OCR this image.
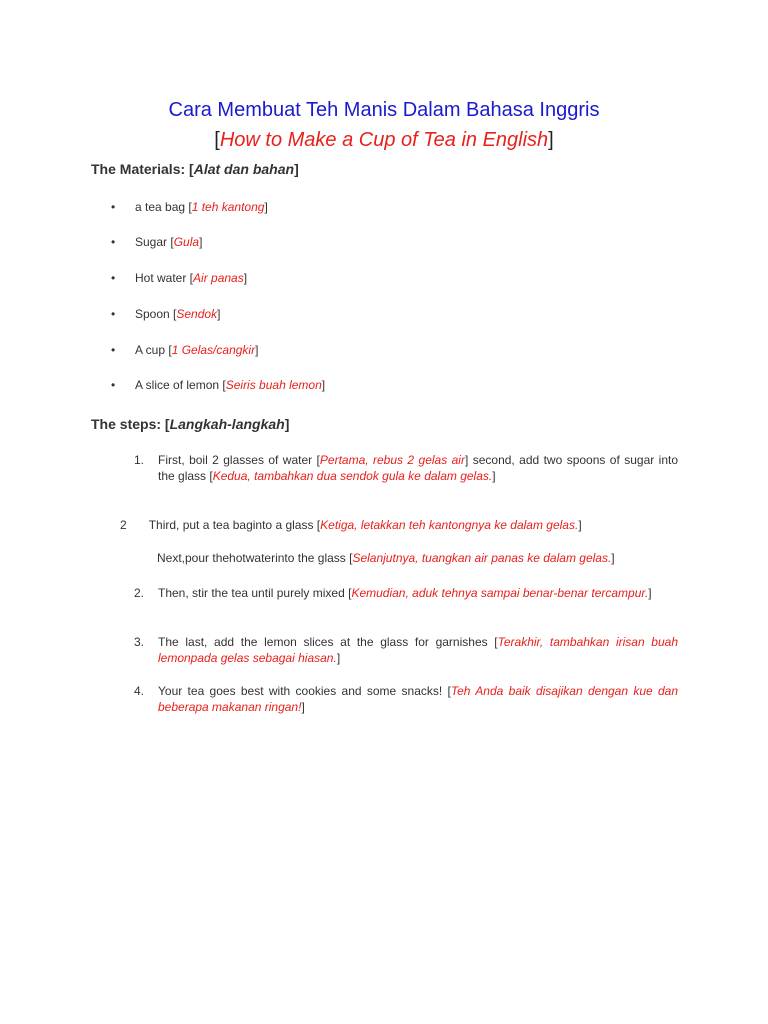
Cara Membuat Teh Manis Dalam Bahasa Inggris
[How to Make a Cup of Tea in English]
The Materials: [Alat dan bahan]
• a tea bag [1 teh kantong]
• Sugar [Gula]
• Hot water [Air panas]
• Spoon [Sendok]
• A cup [1 Gelas/cangkir]
• A slice of lemon [Seiris buah lemon]
The steps: [Langkah-langkah]
1. First, boil 2 glasses of water [Pertama, rebus 2 gelas air] second, add two spoons of sugar into the glass [Kedua, tambahkan dua sendok gula ke dalam gelas.]
2 Third, put a tea baginto a glass [Ketiga, letakkan teh kantongnya ke dalam gelas.]
Next,pour thehotwaterinto the glass [Selanjutnya, tuangkan air panas ke dalam gelas.]
2. Then, stir the tea until purely mixed [Kemudian, aduk tehnya sampai benar-benar tercampur.]
3. The last, add the lemon slices at the glass for garnishes [Terakhir, tambahkan irisan buah lemonpada gelas sebagai hiasan.]
4. Your tea goes best with cookies and some snacks! [Teh Anda baik disajikan dengan kue dan beberapa makanan ringan!]
